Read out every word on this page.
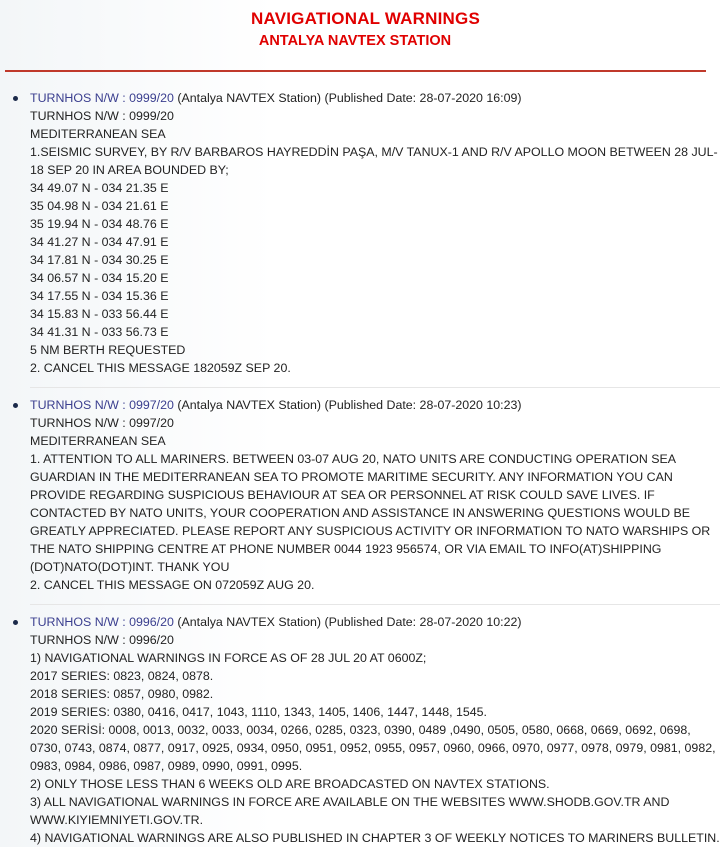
NAVIGATIONAL WARNINGS
ANTALYA NAVTEX STATION
TURNHOS N/W : 0999/20 (Antalya NAVTEX Station) (Published Date: 28-07-2020 16:09)
TURNHOS N/W : 0999/20
MEDITERRANEAN SEA
1.SEISMIC SURVEY, BY R/V BARBAROS HAYREDDİN PAŞA, M/V TANUX-1 AND R/V APOLLO MOON BETWEEN 28 JUL-18 SEP 20 IN AREA BOUNDED BY;
34 49.07 N - 034 21.35 E
35 04.98 N - 034 21.61 E
35 19.94 N - 034 48.76 E
34 41.27 N - 034 47.91 E
34 17.81 N - 034 30.25 E
34 06.57 N - 034 15.20 E
34 17.55 N - 034 15.36 E
34 15.83 N - 033 56.44 E
34 41.31 N - 033 56.73 E
5 NM BERTH REQUESTED
2. CANCEL THIS MESSAGE 182059Z SEP 20.
TURNHOS N/W : 0997/20 (Antalya NAVTEX Station) (Published Date: 28-07-2020 10:23)
TURNHOS N/W : 0997/20
MEDITERRANEAN SEA
1. ATTENTION TO ALL MARINERS. BETWEEN 03-07 AUG 20, NATO UNITS ARE CONDUCTING OPERATION SEA GUARDIAN IN THE MEDITERRANEAN SEA TO PROMOTE MARITIME SECURITY. ANY INFORMATION YOU CAN PROVIDE REGARDING SUSPICIOUS BEHAVIOUR AT SEA OR PERSONNEL AT RISK COULD SAVE LIVES. IF CONTACTED BY NATO UNITS, YOUR COOPERATION AND ASSISTANCE IN ANSWERING QUESTIONS WOULD BE GREATLY APPRECIATED. PLEASE REPORT ANY SUSPICIOUS ACTIVITY OR INFORMATION TO NATO WARSHIPS OR THE NATO SHIPPING CENTRE AT PHONE NUMBER 0044 1923 956574, OR VIA EMAIL TO INFO(AT)SHIPPING (DOT)NATO(DOT)INT. THANK YOU
2. CANCEL THIS MESSAGE ON 072059Z AUG 20.
TURNHOS N/W : 0996/20 (Antalya NAVTEX Station) (Published Date: 28-07-2020 10:22)
TURNHOS N/W : 0996/20
1) NAVIGATIONAL WARNINGS IN FORCE AS OF 28 JUL 20 AT 0600Z;
2017 SERIES: 0823, 0824, 0878.
2018 SERIES: 0857, 0980, 0982.
2019 SERIES: 0380, 0416, 0417, 1043, 1110, 1343, 1405, 1406, 1447, 1448, 1545.
2020 SERİSİ: 0008, 0013, 0032, 0033, 0034, 0266, 0285, 0323, 0390, 0489 ,0490, 0505, 0580, 0668, 0669, 0692, 0698, 0730, 0743, 0874, 0877, 0917, 0925, 0934, 0950, 0951, 0952, 0955, 0957, 0960, 0966, 0970, 0977, 0978, 0979, 0981, 0982, 0983, 0984, 0986, 0987, 0989, 0990, 0991, 0995.
2) ONLY THOSE LESS THAN 6 WEEKS OLD ARE BROADCASTED ON NAVTEX STATIONS.
3) ALL NAVIGATIONAL WARNINGS IN FORCE ARE AVAILABLE ON THE WEBSITES WWW.SHODB.GOV.TR AND WWW.KIYIEMNIYETI.GOV.TR.
4) NAVIGATIONAL WARNINGS ARE ALSO PUBLISHED IN CHAPTER 3 OF WEEKLY NOTICES TO MARINERS BULLETIN.
